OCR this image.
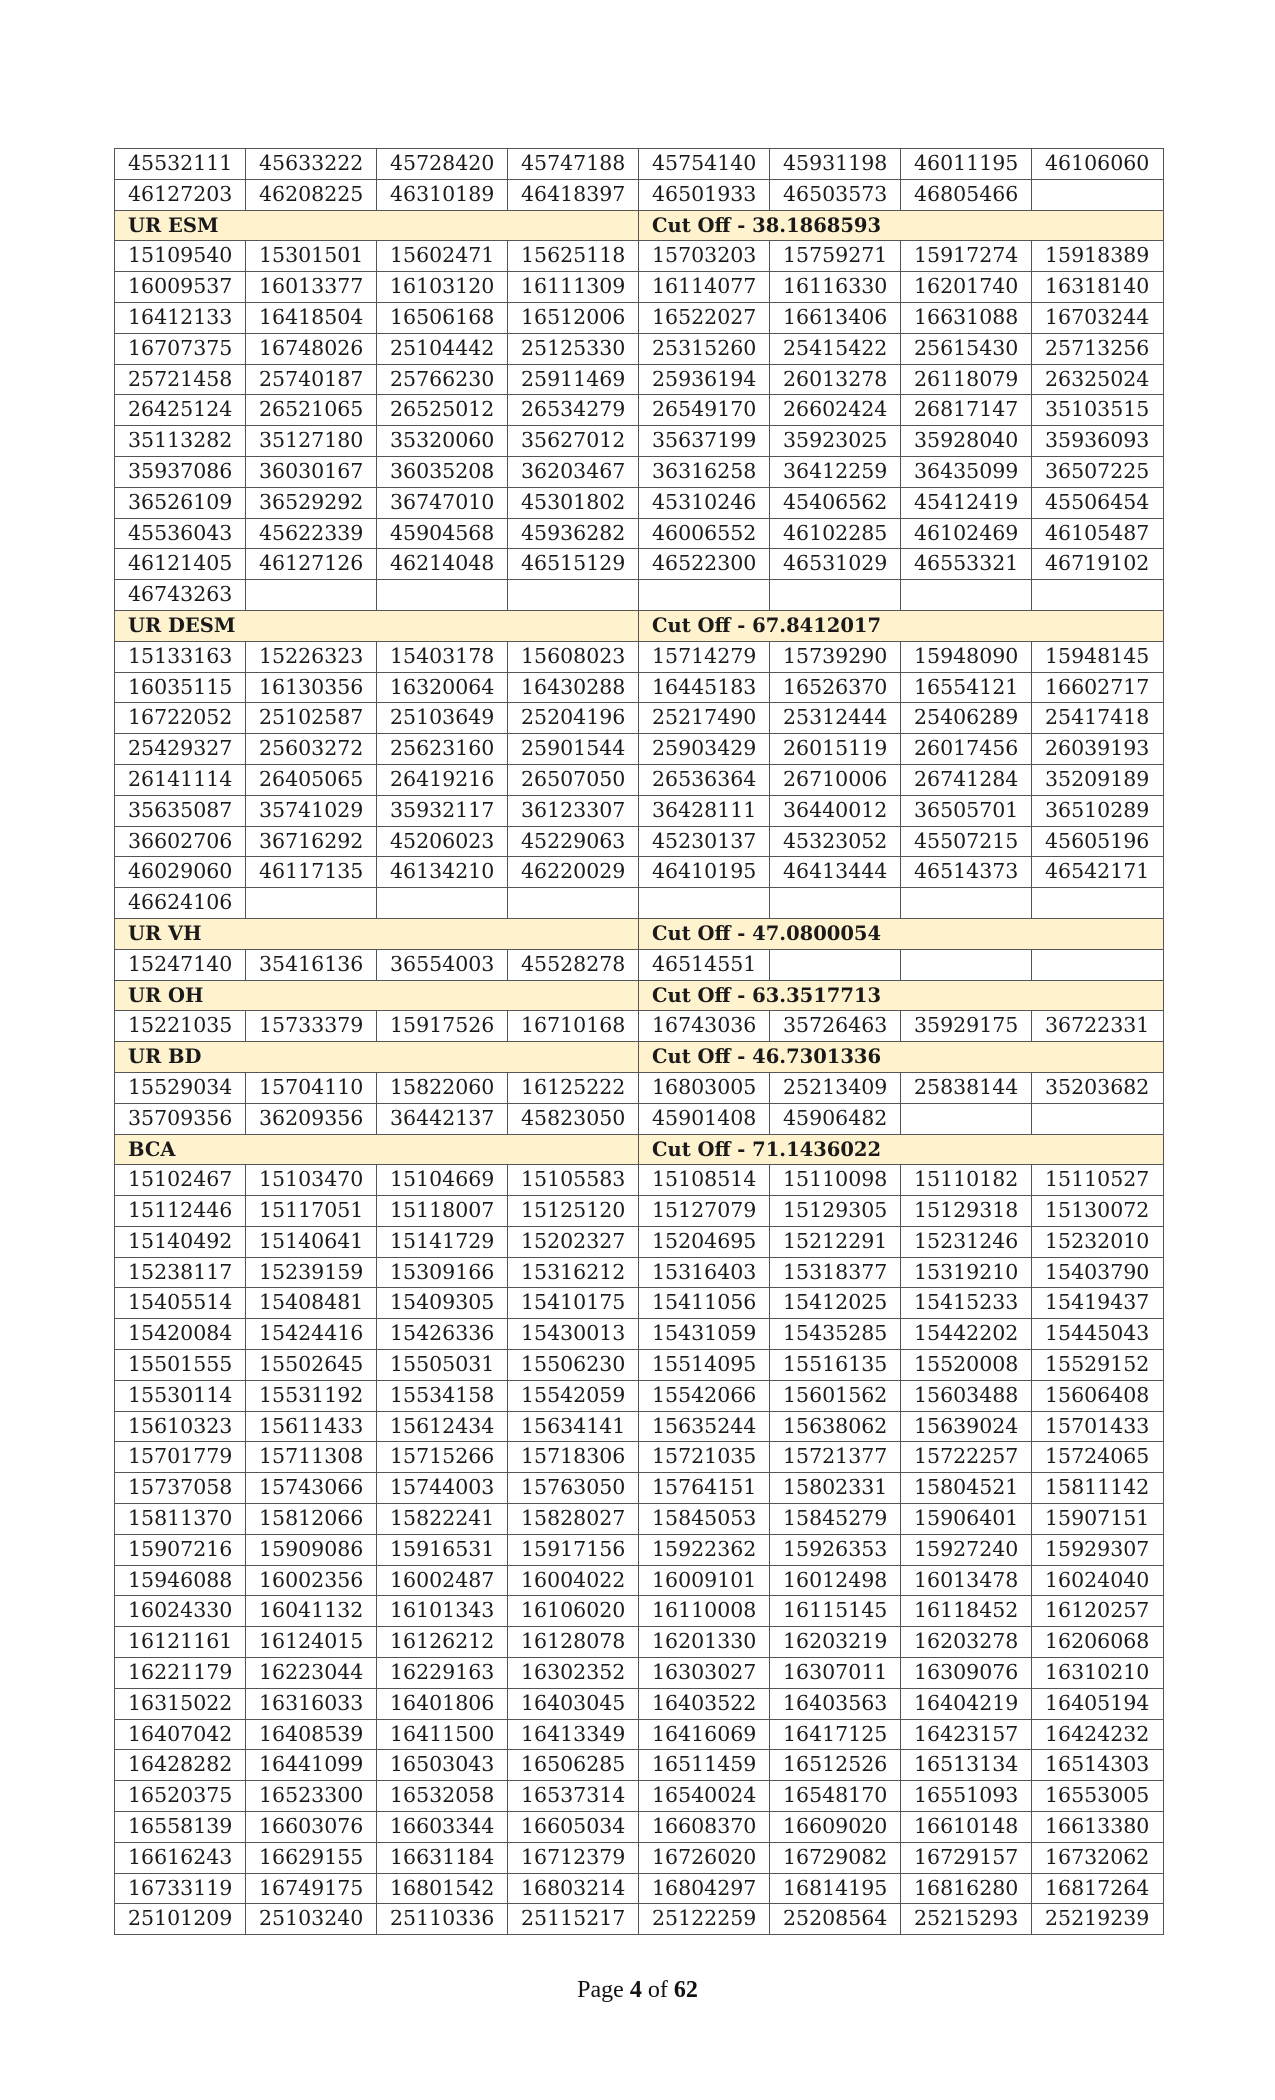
45532111	45633222	45728420	45747188	45754140	45931198	46011195	46106060
46127203	46208225	46310189	46418397	46501933	46503573	46805466	
UR ESM				Cut Off - 38.1868593			
15109540	15301501	15602471	15625118	15703203	15759271	15917274	15918389
16009537	16013377	16103120	16111309	16114077	16116330	16201740	16318140
16412133	16418504	16506168	16512006	16522027	16613406	16631088	16703244
16707375	16748026	25104442	25125330	25315260	25415422	25615430	25713256
25721458	25740187	25766230	25911469	25936194	26013278	26118079	26325024
26425124	26521065	26525012	26534279	26549170	26602424	26817147	35103515
35113282	35127180	35320060	35627012	35637199	35923025	35928040	35936093
35937086	36030167	36035208	36203467	36316258	36412259	36435099	36507225
36526109	36529292	36747010	45301802	45310246	45406562	45412419	45506454
45536043	45622339	45904568	45936282	46006552	46102285	46102469	46105487
46121405	46127126	46214048	46515129	46522300	46531029	46553321	46719102
46743263							
UR DESM				Cut Off - 67.8412017			
15133163	15226323	15403178	15608023	15714279	15739290	15948090	15948145
16035115	16130356	16320064	16430288	16445183	16526370	16554121	16602717
16722052	25102587	25103649	25204196	25217490	25312444	25406289	25417418
25429327	25603272	25623160	25901544	25903429	26015119	26017456	26039193
26141114	26405065	26419216	26507050	26536364	26710006	26741284	35209189
35635087	35741029	35932117	36123307	36428111	36440012	36505701	36510289
36602706	36716292	45206023	45229063	45230137	45323052	45507215	45605196
46029060	46117135	46134210	46220029	46410195	46413444	46514373	46542171
46624106							
UR VH				Cut Off - 47.0800054			
15247140	35416136	36554003	45528278	46514551			
UR OH				Cut Off - 63.3517713			
15221035	15733379	15917526	16710168	16743036	35726463	35929175	36722331
UR BD				Cut Off - 46.7301336			
15529034	15704110	15822060	16125222	16803005	25213409	25838144	35203682
35709356	36209356	36442137	45823050	45901408	45906482		
BCA				Cut Off - 71.1436022			
15102467	15103470	15104669	15105583	15108514	15110098	15110182	15110527
15112446	15117051	15118007	15125120	15127079	15129305	15129318	15130072
15140492	15140641	15141729	15202327	15204695	15212291	15231246	15232010
15238117	15239159	15309166	15316212	15316403	15318377	15319210	15403790
15405514	15408481	15409305	15410175	15411056	15412025	15415233	15419437
15420084	15424416	15426336	15430013	15431059	15435285	15442202	15445043
15501555	15502645	15505031	15506230	15514095	15516135	15520008	15529152
15530114	15531192	15534158	15542059	15542066	15601562	15603488	15606408
15610323	15611433	15612434	15634141	15635244	15638062	15639024	15701433
15701779	15711308	15715266	15718306	15721035	15721377	15722257	15724065
15737058	15743066	15744003	15763050	15764151	15802331	15804521	15811142
15811370	15812066	15822241	15828027	15845053	15845279	15906401	15907151
15907216	15909086	15916531	15917156	15922362	15926353	15927240	15929307
15946088	16002356	16002487	16004022	16009101	16012498	16013478	16024040
16024330	16041132	16101343	16106020	16110008	16115145	16118452	16120257
16121161	16124015	16126212	16128078	16201330	16203219	16203278	16206068
16221179	16223044	16229163	16302352	16303027	16307011	16309076	16310210
16315022	16316033	16401806	16403045	16403522	16403563	16404219	16405194
16407042	16408539	16411500	16413349	16416069	16417125	16423157	16424232
16428282	16441099	16503043	16506285	16511459	16512526	16513134	16514303
16520375	16523300	16532058	16537314	16540024	16548170	16551093	16553005
16558139	16603076	16603344	16605034	16608370	16609020	16610148	16613380
16616243	16629155	16631184	16712379	16726020	16729082	16729157	16732062
16733119	16749175	16801542	16803214	16804297	16814195	16816280	16817264
25101209	25103240	25110336	25115217	25122259	25208564	25215293	25219239
Page 4 of 62
